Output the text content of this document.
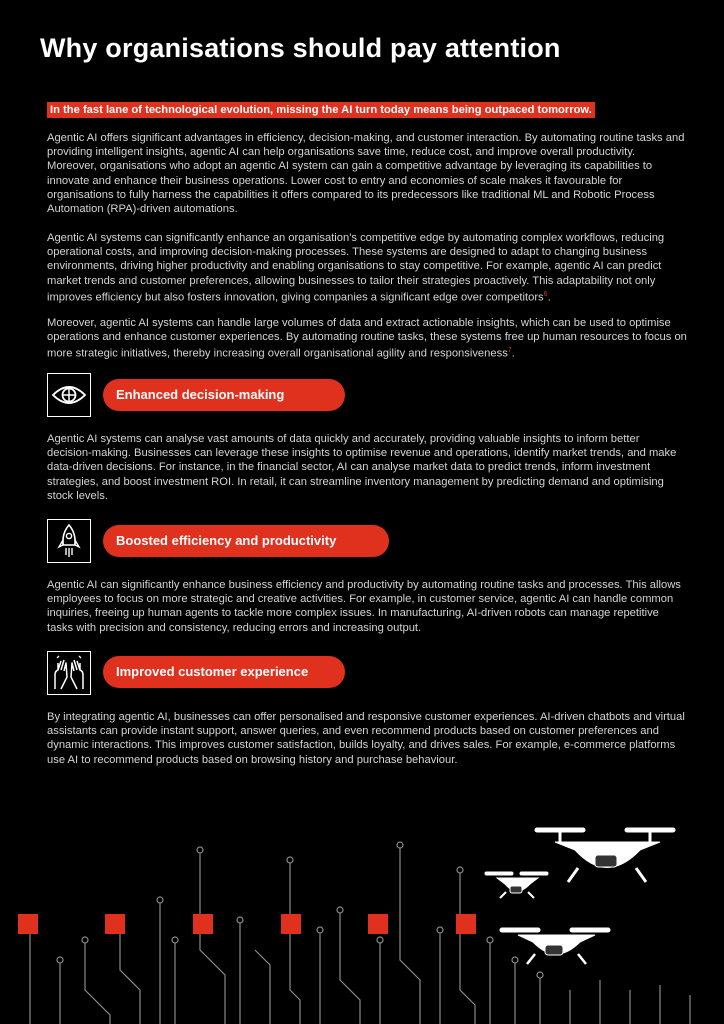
Why organisations should pay attention
In the fast lane of technological evolution, missing the AI turn today means being outpaced tomorrow.

Agentic AI offers significant advantages in efficiency, decision-making, and customer interaction. By automating routine tasks and providing intelligent insights, agentic AI can help organisations save time, reduce cost, and improve overall productivity. Moreover, organisations who adopt an agentic AI system can gain a competitive advantage by leveraging its capabilities to innovate and enhance their business operations. Lower cost to entry and economies of scale makes it favourable for organisations to fully harness the capabilities it offers compared to its predecessors like traditional ML and Robotic Process Automation (RPA)-driven automations.

Agentic AI systems can significantly enhance an organisation's competitive edge by automating complex workflows, reducing operational costs, and improving decision-making processes. These systems are designed to adapt to changing business environments, driving higher productivity and enabling organisations to stay competitive. For example, agentic AI can predict market trends and customer preferences, allowing businesses to tailor their strategies proactively. This adaptability not only improves efficiency but also fosters innovation, giving companies a significant edge over competitors$^6$.

Moreover, agentic AI systems can handle large volumes of data and extract actionable insights, which can be used to optimise operations and enhance customer experiences. By automating routine tasks, these systems free up human resources to focus on more strategic initiatives, thereby increasing overall organisational agility and responsiveness$^7$.

Enhanced decision-making

Agentic AI systems can analyse vast amounts of data quickly and accurately, providing valuable insights to inform better decision-making. Businesses can leverage these insights to optimise revenue and operations, identify market trends, and make data-driven decisions. For instance, in the financial sector, AI can analyse market data to predict trends, inform investment strategies, and boost investment ROI. In retail, it can streamline inventory management by predicting demand and optimising stock levels.

Boosted efficiency and productivity

Agentic AI can significantly enhance business efficiency and productivity by automating routine tasks and processes. This allows employees to focus on more strategic and creative activities. For example, in customer service, agentic AI can handle common inquiries, freeing up human agents to tackle more complex issues. In manufacturing, AI-driven robots can manage repetitive tasks with precision and consistency, reducing errors and increasing output.

Improved customer experience

By integrating agentic AI, businesses can offer personalised and responsive customer experiences. AI-driven chatbots and virtual assistants can provide instant support, answer queries, and even recommend products based on customer preferences and dynamic interactions. This improves customer satisfaction, builds loyalty, and drives sales. For example, e-commerce platforms use AI to recommend products based on browsing history and purchase behaviour.
